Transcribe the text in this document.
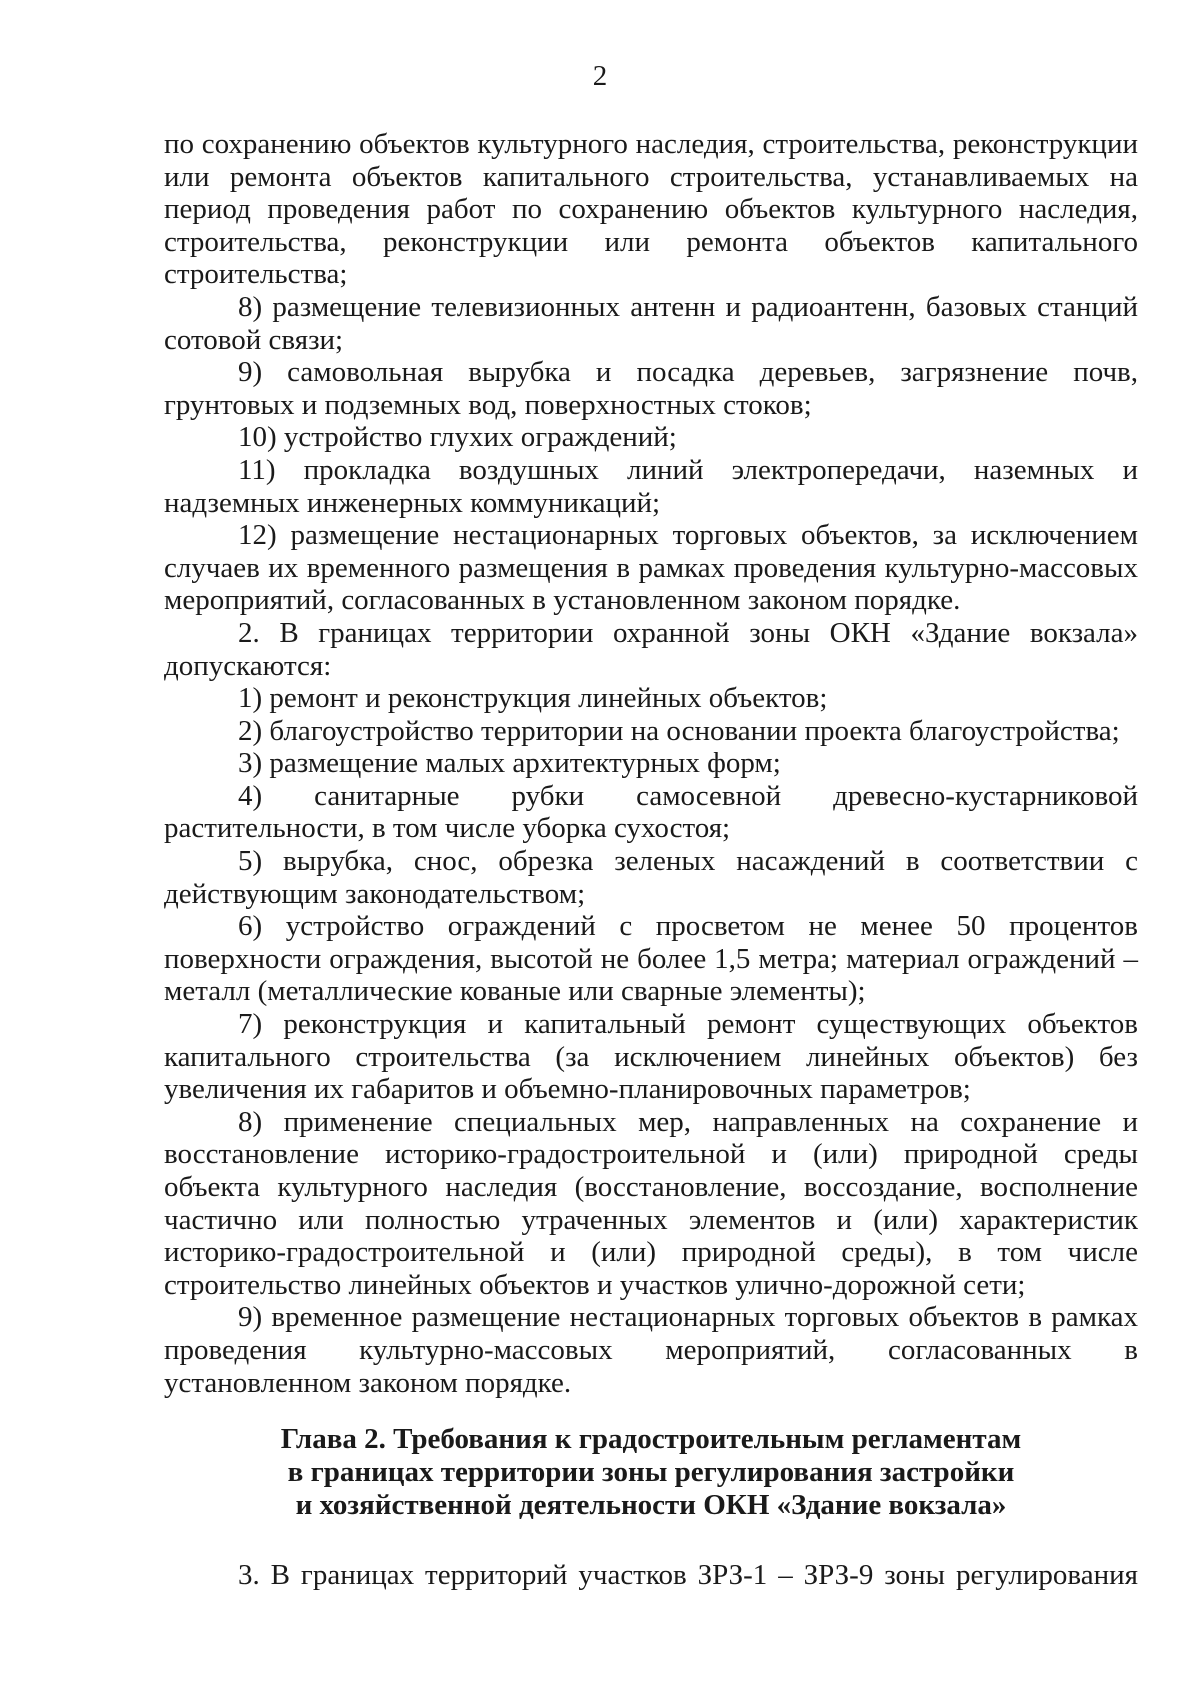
2

по сохранению объектов культурного наследия, строительства, реконструкции или ремонта объектов капитального строительства, устанавливаемых на период проведения работ по сохранению объектов культурного наследия, строительства, реконструкции или ремонта объектов капитального строительства;

8) размещение телевизионных антенн и радиоантенн, базовых станций сотовой связи;

9) самовольная вырубка и посадка деревьев, загрязнение почв, грунтовых и подземных вод, поверхностных стоков;

10) устройство глухих ограждений;

11) прокладка воздушных линий электропередачи, наземных и надземных инженерных коммуникаций;

12) размещение нестационарных торговых объектов, за исключением случаев их временного размещения в рамках проведения культурно-массовых мероприятий, согласованных в установленном законом порядке.

2. В границах территории охранной зоны ОКН «Здание вокзала» допускаются:

1) ремонт и реконструкция линейных объектов;

2) благоустройство территории на основании проекта благоустройства;

3) размещение малых архитектурных форм;

4) санитарные рубки самосевной древесно-кустарниковой растительности, в том числе уборка сухостоя;

5) вырубка, снос, обрезка зеленых насаждений в соответствии с действующим законодательством;

6) устройство ограждений с просветом не менее 50 процентов поверхности ограждения, высотой не более 1,5 метра; материал ограждений – металл (металлические кованые или сварные элементы);

7) реконструкция и капитальный ремонт существующих объектов капитального строительства (за исключением линейных объектов) без увеличения их габаритов и объемно-планировочных параметров;

8) применение специальных мер, направленных на сохранение и восстановление историко-градостроительной и (или) природной среды объекта культурного наследия (восстановление, воссоздание, восполнение частично или полностью утраченных элементов и (или) характеристик историко-градостроительной и (или) природной среды), в том числе строительство линейных объектов и участков улично-дорожной сети;

9) временное размещение нестационарных торговых объектов в рамках проведения культурно-массовых мероприятий, согласованных в установленном законом порядке.

Глава 2. Требования к градостроительным регламентам
в границах территории зоны регулирования застройки
и хозяйственной деятельности ОКН «Здание вокзала»

3. В границах территорий участков ЗРЗ-1 – ЗРЗ-9 зоны регулирования
